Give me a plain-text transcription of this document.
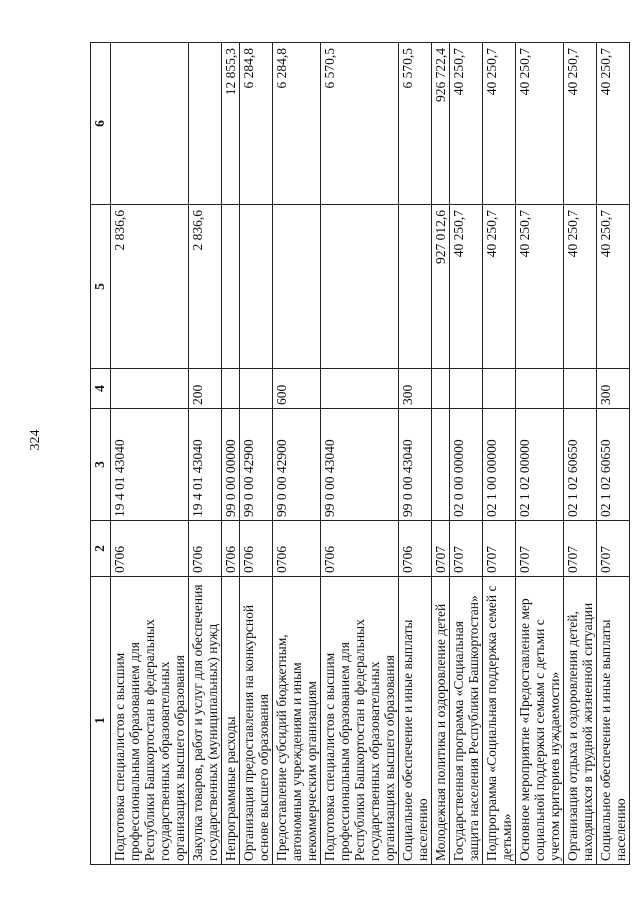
324
1	2	3	4	5	6
Подготовка специалистов с высшим профессиональным образованием для Республики Башкортостан в федеральных государственных образовательных организациях высшего образования	0706	19 4 01 43040		2 836,6	
Закупка товаров, работ и услуг для обеспечения государственных (муниципальных) нужд	0706	19 4 01 43040	200	2 836,6	
Непрограммные расходы	0706	99 0 00 00000			12 855,3
Организация предоставления на конкурсной основе высшего образования	0706	99 0 00 42900			6 284,8
Предоставление субсидий бюджетным, автономным учреждениям и иным некоммерческим организациям	0706	99 0 00 42900	600		6 284,8
Подготовка специалистов с высшим профессиональным образованием для Республики Башкортостан в федеральных государственных образовательных организациях высшего образования	0706	99 0 00 43040			6 570,5
Социальное обеспечение и иные выплаты населению	0706	99 0 00 43040	300		6 570,5
Молодежная политика и оздоровление детей	0707			927 012,6	926 722,4
Государственная программа «Социальная защита населения Республики Башкортостан»	0707	02 0 00 00000		40 250,7	40 250,7
Подпрограмма «Социальная поддержка семей с детьми»	0707	02 1 00 00000		40 250,7	40 250,7
Основное мероприятие «Предоставление мер социальной поддержки семьям с детьми с учетом критериев нуждаемости»	0707	02 1 02 00000		40 250,7	40 250,7
Организация отдыха и оздоровления детей, находящихся в трудной жизненной ситуации	0707	02 1 02 60650		40 250,7	40 250,7
Социальное обеспечение и иные выплаты населению	0707	02 1 02 60650	300	40 250,7	40 250,7
